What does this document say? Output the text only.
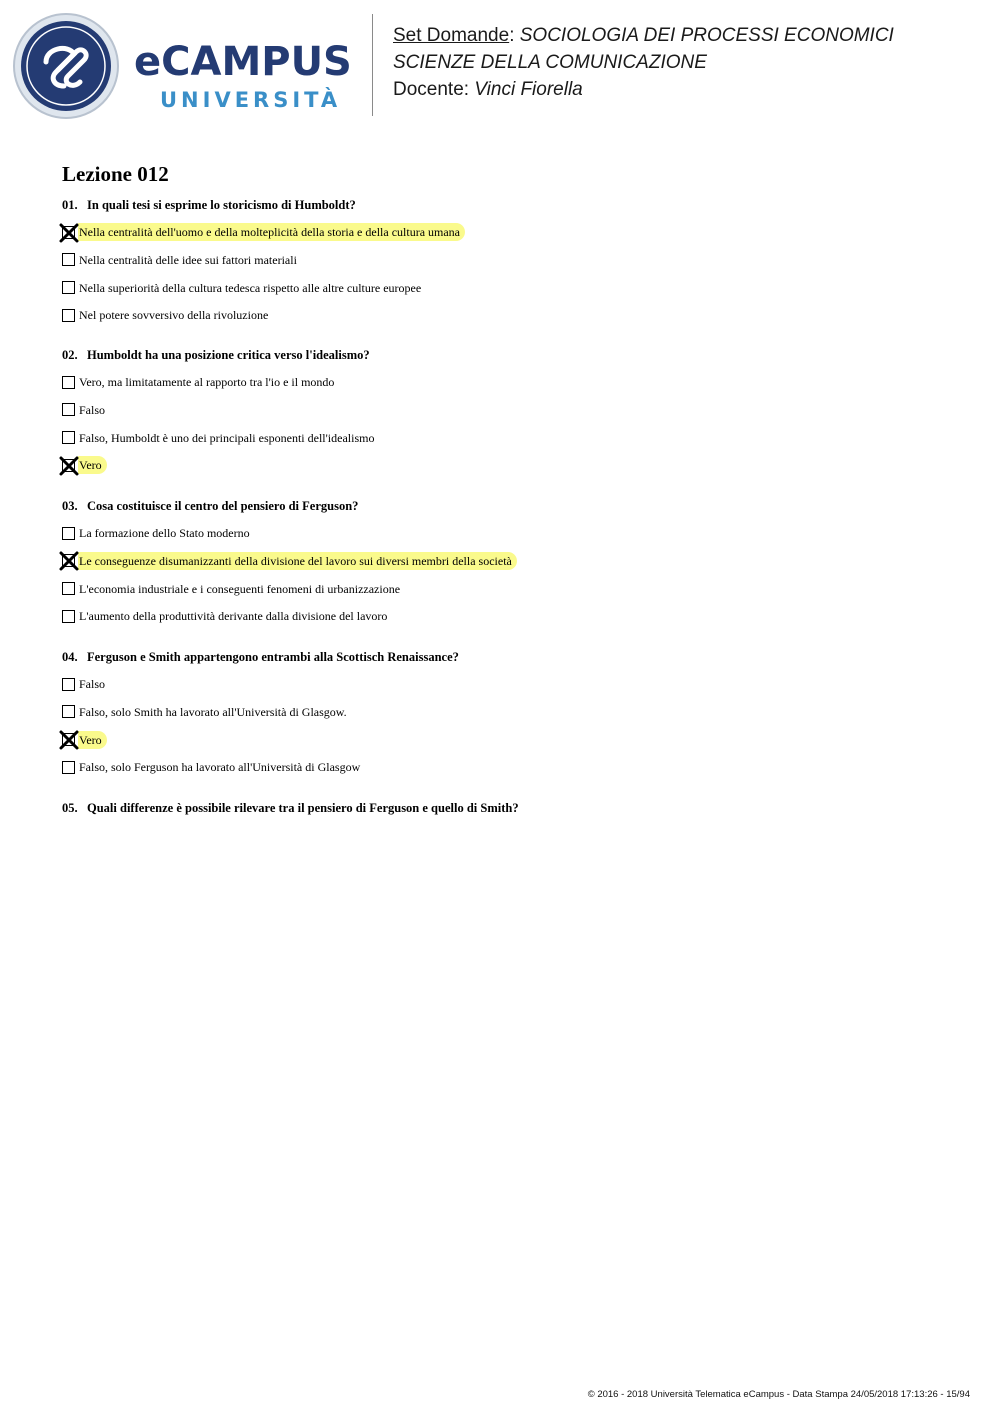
eCAMPUS
UNIVERSITÀ
Set Domande: SOCIOLOGIA DEI PROCESSI ECONOMICI
SCIENZE DELLA COMUNICAZIONE
Docente: Vinci Fiorella
Lezione 012
01. In quali tesi si esprime lo storicismo di Humboldt?
Nella centralità dell'uomo e della molteplicità della storia e della cultura umana
Nella centralità delle idee sui fattori materiali
Nella superiorità della cultura tedesca rispetto alle altre culture europee
Nel potere sovversivo della rivoluzione
02. Humboldt ha una posizione critica verso l'idealismo?
Vero, ma limitatamente al rapporto tra l'io e il mondo
Falso
Falso, Humboldt è uno dei principali esponenti dell'idealismo
Vero
03. Cosa costituisce il centro del pensiero di Ferguson?
La formazione dello Stato moderno
Le conseguenze disumanizzanti della divisione del lavoro sui diversi membri della società
L'economia industriale e i conseguenti fenomeni di urbanizzazione
L'aumento della produttività derivante dalla divisione del lavoro
04. Ferguson e Smith appartengono entrambi alla Scottisch Renaissance?
Falso
Falso, solo Smith ha lavorato all'Università di Glasgow.
Vero
Falso, solo Ferguson ha lavorato all'Università di Glasgow
05. Quali differenze è possibile rilevare tra il pensiero di Ferguson e quello di Smith?
© 2016 - 2018 Università Telematica eCampus - Data Stampa 24/05/2018 17:13:26 - 15/94
